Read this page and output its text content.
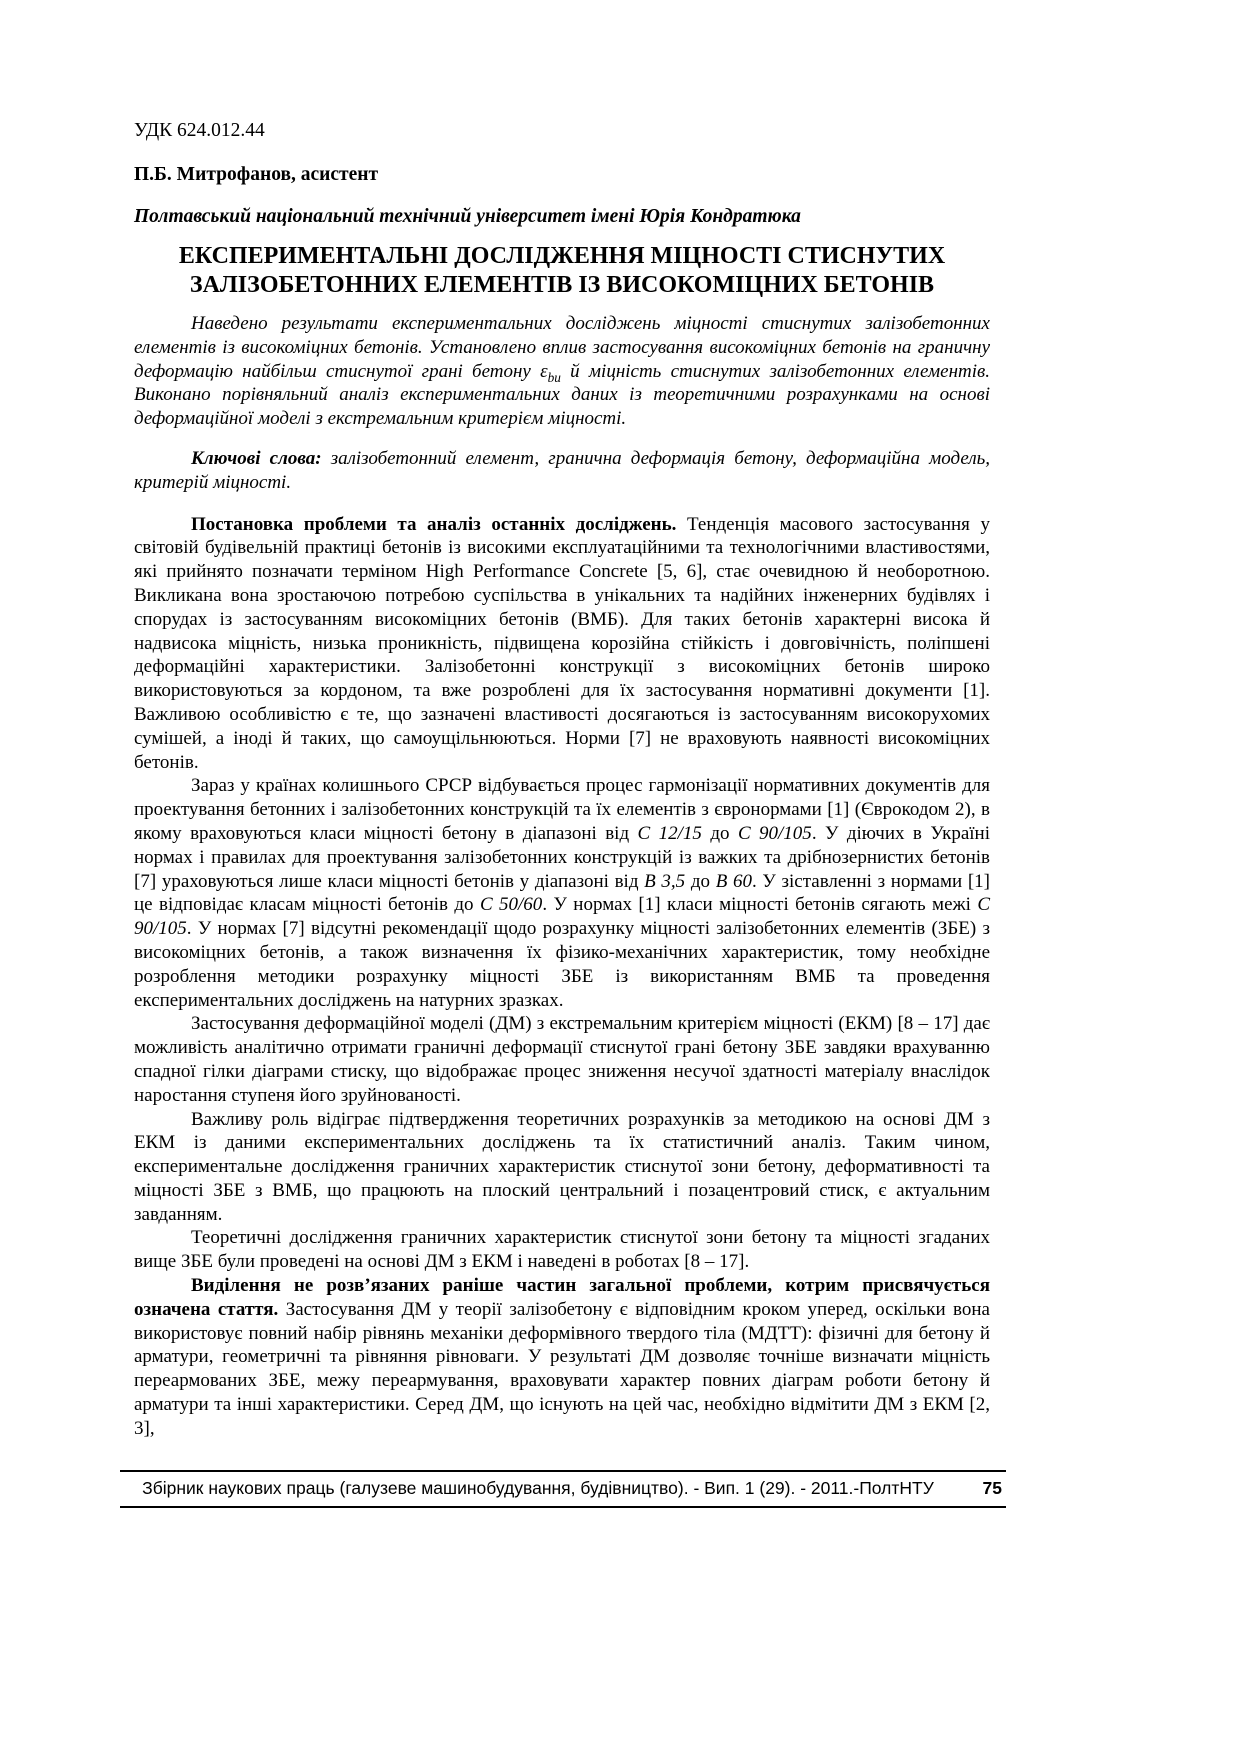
УДК 624.012.44
П.Б. Митрофанов, асистент
Полтавський національний технічний університет імені Юрія Кондратюка
ЕКСПЕРИМЕНТАЛЬНІ ДОСЛІДЖЕННЯ МІЦНОСТІ СТИСНУТИХ
ЗАЛІЗОБЕТОННИХ ЕЛЕМЕНТІВ ІЗ ВИСОКОМІЦНИХ БЕТОНІВ

Наведено результати експериментальних досліджень міцності стиснутих залізобетонних елементів із високоміцних бетонів. Установлено вплив застосування високоміцних бетонів на граничну деформацію найбільш стиснутої грані бетону $\varepsilon_{bu}$ й міцність стиснутих залізобетонних елементів. Виконано порівняльний аналіз експериментальних даних із теоретичними розрахунками на основі деформаційної моделі з екстремальним критерієм міцності.

Ключові слова: залізобетонний елемент, гранична деформація бетону, деформаційна модель, критерій міцності.

Постановка проблеми та аналіз останніх досліджень. Тенденція масового застосування у світовій будівельній практиці бетонів із високими експлуатаційними та технологічними властивостями, які прийнято позначати терміном High Performance Concrete [5, 6], стає очевидною й необоротною. Викликана вона зростаючою потребою суспільства в унікальних та надійних інженерних будівлях і спорудах із застосуванням високоміцних бетонів (ВМБ). Для таких бетонів характерні висока й надвисока міцність, низька проникність, підвищена корозійна стійкість і довговічність, поліпшені деформаційні характеристики. Залізобетонні конструкції з високоміцних бетонів широко використовуються за кордоном, та вже розроблені для їх застосування нормативні документи [1]. Важливою особливістю є те, що зазначені властивості досягаються із застосуванням високорухомих сумішей, а іноді й таких, що самоущільнюються. Норми [7] не враховують наявності високоміцних бетонів.

Зараз у країнах колишнього СРСР відбувається процес гармонізації нормативних документів для проектування бетонних і залізобетонних конструкцій та їх елементів з євронормами [1] (Єврокодом 2), в якому враховуються класи міцності бетону в діапазоні від С 12/15 до С 90/105. У діючих в Україні нормах і правилах для проектування залізобетонних конструкцій із важких та дрібнозернистих бетонів [7] ураховуються лише класи міцності бетонів у діапазоні від В 3,5 до В 60. У зіставленні з нормами [1] це відповідає класам міцності бетонів до С 50/60. У нормах [1] класи міцності бетонів сягають межі С 90/105. У нормах [7] відсутні рекомендації щодо розрахунку міцності залізобетонних елементів (ЗБЕ) з високоміцних бетонів, а також визначення їх фізико-механічних характеристик, тому необхідне розроблення методики розрахунку міцності ЗБЕ із використанням ВМБ та проведення експериментальних досліджень на натурних зразках.

Застосування деформаційної моделі (ДМ) з екстремальним критерієм міцності (ЕКМ) [8 – 17] дає можливість аналітично отримати граничні деформації стиснутої грані бетону ЗБЕ завдяки врахуванню спадної гілки діаграми стиску, що відображає процес зниження несучої здатності матеріалу внаслідок наростання ступеня його зруйнованості.

Важливу роль відіграє підтвердження теоретичних розрахунків за методикою на основі ДМ з ЕКМ із даними експериментальних досліджень та їх статистичний аналіз. Таким чином, експериментальне дослідження граничних характеристик стиснутої зони бетону, деформативності та міцності ЗБЕ з ВМБ, що працюють на плоский центральний і позацентровий стиск, є актуальним завданням.

Теоретичні дослідження граничних характеристик стиснутої зони бетону та міцності згаданих вище ЗБЕ були проведені на основі ДМ з ЕКМ і наведені в роботах [8 – 17].

Виділення не розв’язаних раніше частин загальної проблеми, котрим присвячується означена стаття. Застосування ДМ у теорії залізобетону є відповідним кроком уперед, оскільки вона використовує повний набір рівнянь механіки деформівного твердого тіла (МДТТ): фізичні для бетону й арматури, геометричні та рівняння рівноваги. У результаті ДМ дозволяє точніше визначати міцність переармованих ЗБЕ, межу переармування, враховувати характер повних діаграм роботи бетону й арматури та інші характеристики. Серед ДМ, що існують на цей час, необхідно відмітити ДМ з ЕКМ [2, 3],

Збірник наукових праць (галузеве машинобудування, будівництво). - Вип. 1 (29). - 2011.-ПолтНТУ	75
